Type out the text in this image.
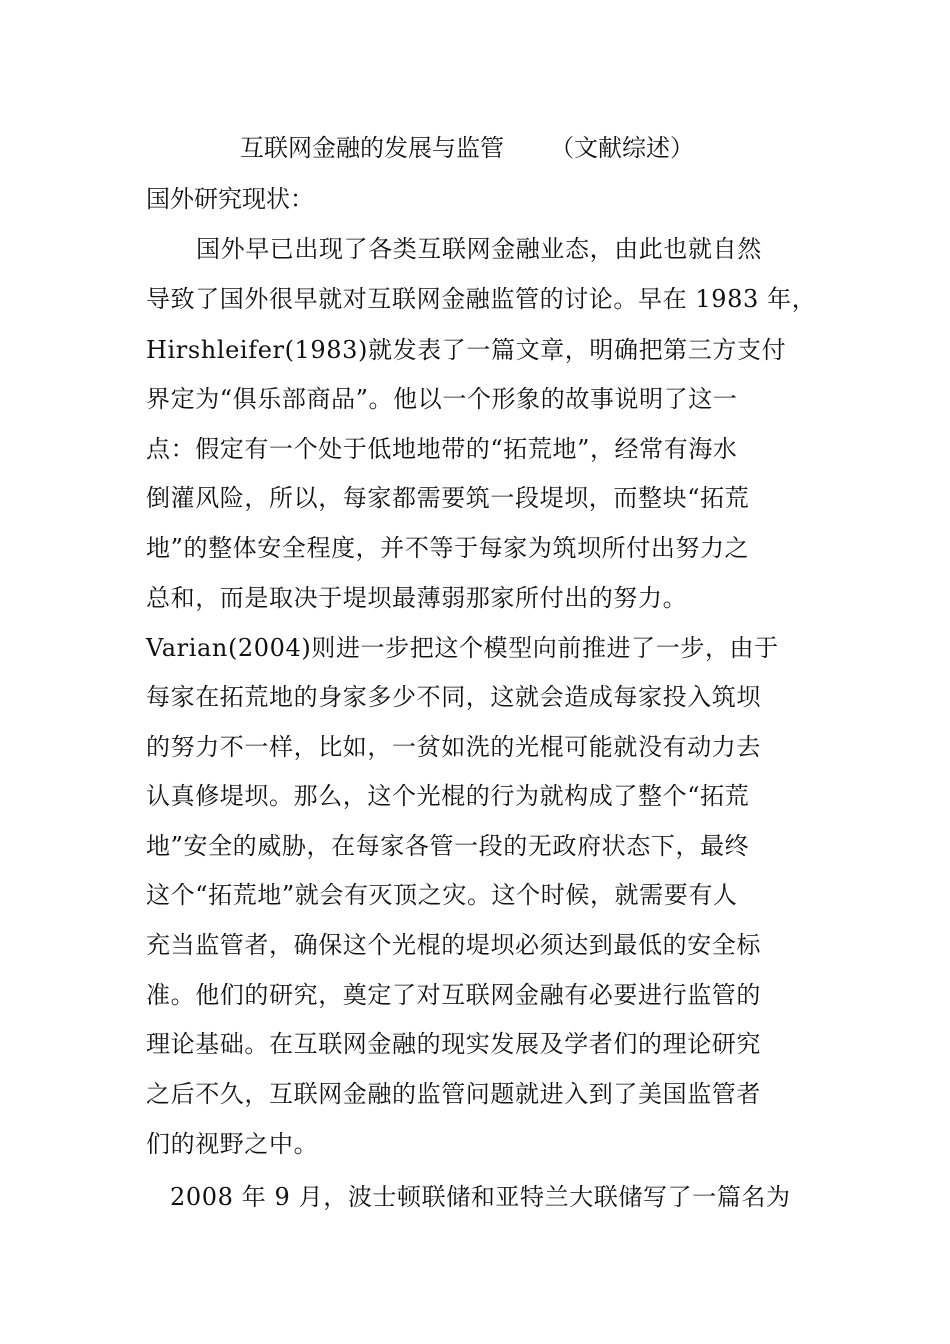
互联网金融的发展与监管 （文献综述）
国外研究现状：
国外早已出现了各类互联网金融业态，由此也就自然
导致了国外很早就对互联网金融监管的讨论。早在 1983 年，
Hirshleifer(1983)就发表了一篇文章，明确把第三方支付
界定为“俱乐部商品”。他以一个形象的故事说明了这一
点：假定有一个处于低地地带的“拓荒地”，经常有海水
倒灌风险，所以，每家都需要筑一段堤坝，而整块“拓荒
地”的整体安全程度，并不等于每家为筑坝所付出努力之
总和，而是取决于堤坝最薄弱那家所付出的努力。
Varian(2004)则进一步把这个模型向前推进了一步，由于
每家在拓荒地的身家多少不同，这就会造成每家投入筑坝
的努力不一样，比如，一贫如洗的光棍可能就没有动力去
认真修堤坝。那么，这个光棍的行为就构成了整个“拓荒
地”安全的威胁，在每家各管一段的无政府状态下，最终
这个“拓荒地”就会有灭顶之灾。这个时候，就需要有人
充当监管者，确保这个光棍的堤坝必须达到最低的安全标
准。他们的研究，奠定了对互联网金融有必要进行监管的
理论基础。在互联网金融的现实发展及学者们的理论研究
之后不久，互联网金融的监管问题就进入到了美国监管者
们的视野之中。
2008 年 9 月，波士顿联储和亚特兰大联储写了一篇名为
